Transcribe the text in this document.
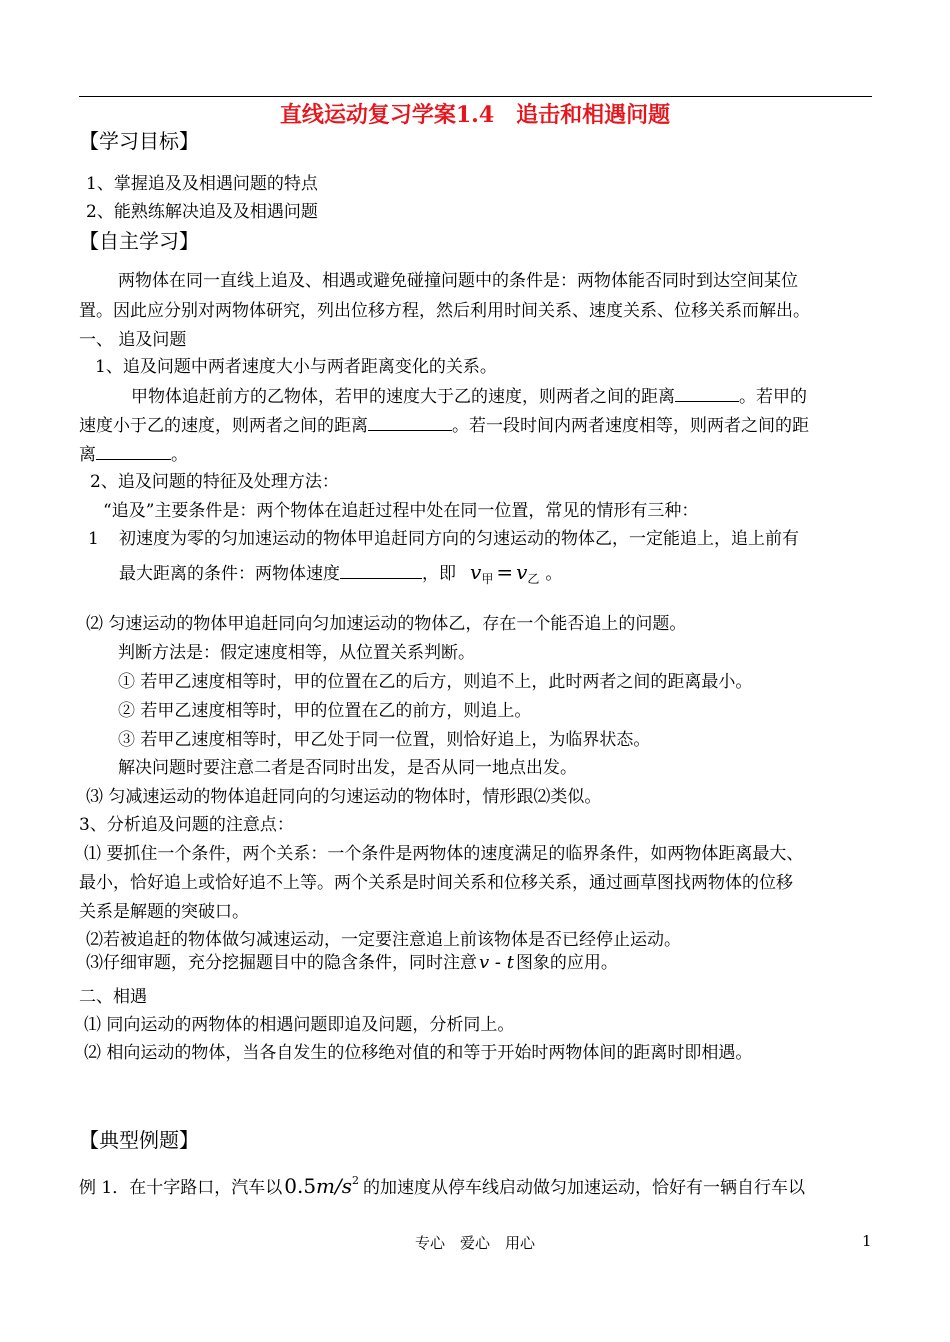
直线运动复习学案1.4　追击和相遇问题
【学习目标】
1、掌握追及及相遇问题的特点
2、能熟练解决追及及相遇问题
【自主学习】
两物体在同一直线上追及、相遇或避免碰撞问题中的条件是：两物体能否同时到达空间某位
置。因此应分别对两物体研究，列出位移方程，然后利用时间关系、速度关系、位移关系而解出。
一、 追及问题
1、追及问题中两者速度大小与两者距离变化的关系。
甲物体追赶前方的乙物体，若甲的速度大于乙的速度，则两者之间的距离	。若甲的
速度小于乙的速度，则两者之间的距离	。若一段时间内两者速度相等，则两者之间的距
离	。
2、追及问题的特征及处理方法：
“追及”主要条件是：两个物体在追赶过程中处在同一位置，常见的情形有三种：
1 初速度为零的匀加速运动的物体甲追赶同方向的匀速运动的物体乙，一定能追上，追上前有
最大距离的条件：两物体速度	，即 $v_甲 = v_乙$ 。
⑵ 匀速运动的物体甲追赶同向匀加速运动的物体乙，存在一个能否追上的问题。
判断方法是：假定速度相等，从位置关系判断。
① 若甲乙速度相等时，甲的位置在乙的后方，则追不上，此时两者之间的距离最小。
② 若甲乙速度相等时，甲的位置在乙的前方，则追上。
③ 若甲乙速度相等时，甲乙处于同一位置，则恰好追上，为临界状态。
解决问题时要注意二者是否同时出发，是否从同一地点出发。
⑶ 匀减速运动的物体追赶同向的匀速运动的物体时，情形跟⑵类似。
3、分析追及问题的注意点：
⑴ 要抓住一个条件，两个关系：一个条件是两物体的速度满足的临界条件，如两物体距离最大、
最小，恰好追上或恰好追不上等。两个关系是时间关系和位移关系，通过画草图找两物体的位移
关系是解题的突破口。
⑵若被追赶的物体做匀减速运动，一定要注意追上前该物体是否已经停止运动。
⑶仔细审题，充分挖掘题目中的隐含条件，同时注意 v - t 图象的应用。
二、相遇
⑴ 同向运动的两物体的相遇问题即追及问题，分析同上。
⑵ 相向运动的物体，当各自发生的位移绝对值的和等于开始时两物体间的距离时即相遇。
【典型例题】
例 1．在十字路口，汽车以 $0.5m/s^2$ 的加速度从停车线启动做匀加速运动，恰好有一辆自行车以
专心　爱心　用心	1
